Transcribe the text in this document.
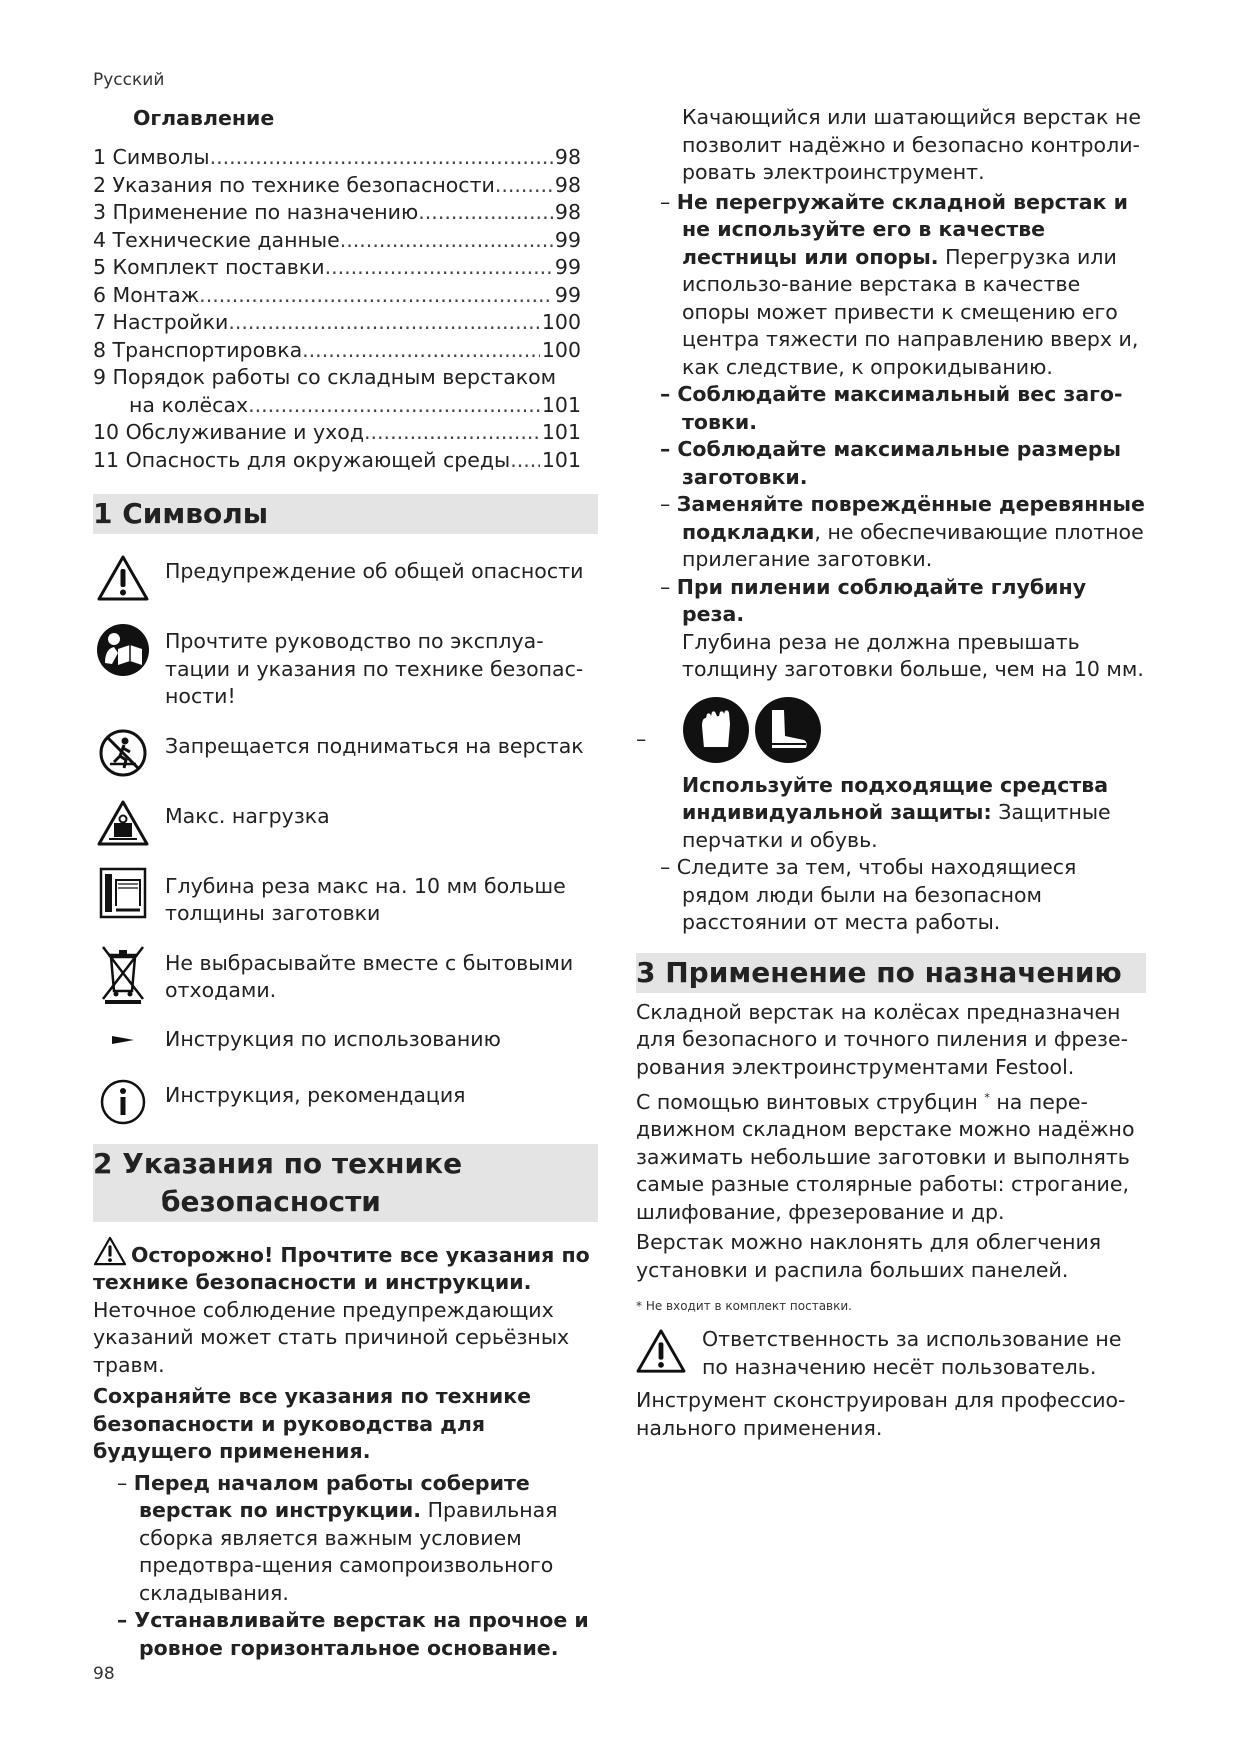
Русский
Оглавление
1 Символы .....	98
2 Указания по технике безопасности .....	98
3 Применение по назначению .....	98
4 Технические данные .....	99
5 Комплект поставки .....	99
6 Монтаж .....	99
7 Настройки .....	100
8 Транспортировка .....	100
9 Порядок работы со складным верстаком
на колёсах .....	101
10 Обслуживание и уход .....	101
11 Опасность для окружающей среды ..... 101
1 Символы
Предупреждение об общей опасности
Прочтите руководство по эксплуа-тации и указания по технике безопас-ности!
Запрещается подниматься на верстак
Макс. нагрузка
Глубина реза макс на. 10 мм больше толщины заготовки
Не выбрасывайте вместе с бытовыми отходами.
Инструкция по использованию
Инструкция, рекомендация
2 Указания по технике
безопасности

Осторожно! Прочтите все указания по технике безопасности и инструкции.

Неточное соблюдение предупреждающих указаний может стать причиной серьёзных травм.

Сохраняйте все указания по технике безопасности и руководства для будущего применения.

– Перед началом работы соберите верстак по инструкции. Правильная сборка является важным условием предотвра-щения самопроизвольного складывания.

– Устанавливайте верстак на прочное и ровное горизонтальное основание.

Качающийся или шатающийся верстак не позволит надёжно и безопасно контроли-ровать электроинструмент.

– Не перегружайте складной верстак и не используйте его в качестве лестницы или опоры. Перегрузка или использо-вание верстака в качестве опоры может привести к смещению его центра тяжести по направлению вверх и, как следствие, к опрокидыванию.

– Соблюдайте максимальный вес заго-товки.

– Соблюдайте максимальные размеры заготовки.

– Заменяйте повреждённые деревянные подкладки, не обеспечивающие плотное прилегание заготовки.

– При пилении соблюдайте глубину реза.

Глубина реза не должна превышать толщину заготовки больше, чем на 10 мм.

–

Используйте подходящие средства индивидуальной защиты: Защитные перчатки и обувь.

– Следите за тем, чтобы находящиеся рядом люди были на безопасном расстоянии от места работы.

3 Применение по назначению

Складной верстак на колёсах предназначен для безопасного и точного пиления и фрезе-рования электроинструментами Festool.

С помощью винтовых струбцин * на пере-движном складном верстаке можно надёжно зажимать небольшие заготовки и выполнять самые разные столярные работы: строгание, шлифование, фрезерование и др.

Верстак можно наклонять для облегчения установки и распила больших панелей.

* Не входит в комплект поставки.

Ответственность за использование не по назначению несёт пользователь.

Инструмент сконструирован для профессио-нального применения.

98
